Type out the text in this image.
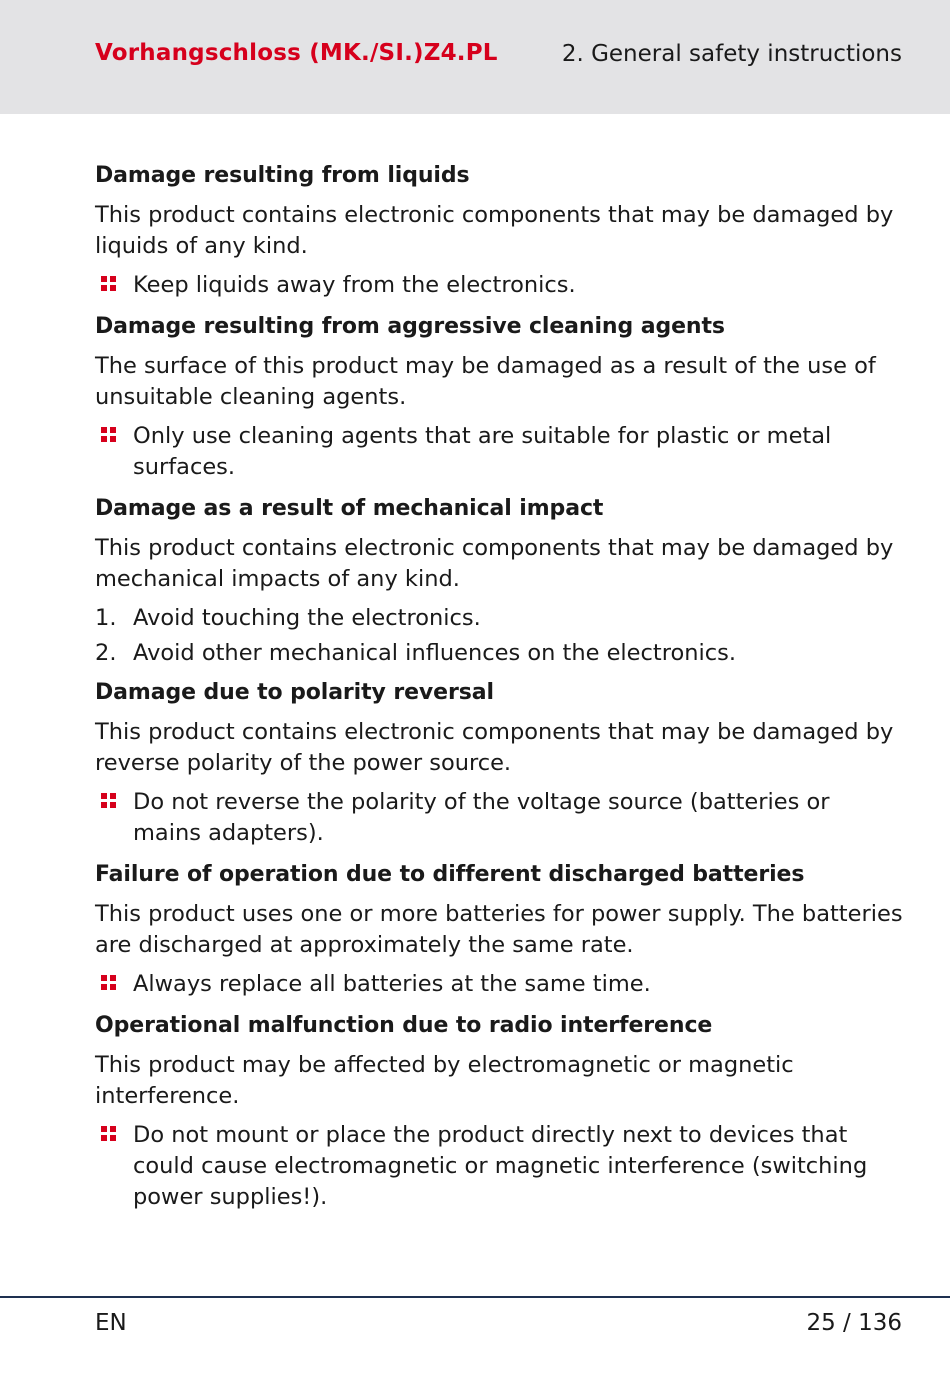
Vorhangschloss (MK./SI.)Z4.PL	2. General safety instructions
Damage resulting from liquids
This product contains electronic components that may be damaged by liquids of any kind.
Keep liquids away from the electronics.
Damage resulting from aggressive cleaning agents
The surface of this product may be damaged as a result of the use of unsuitable cleaning agents.
Only use cleaning agents that are suitable for plastic or metal surfaces.
Damage as a result of mechanical impact
This product contains electronic components that may be damaged by mechanical impacts of any kind.
1. Avoid touching the electronics.
2. Avoid other mechanical influences on the electronics.
Damage due to polarity reversal
This product contains electronic components that may be damaged by reverse polarity of the power source.
Do not reverse the polarity of the voltage source (batteries or mains adapters).
Failure of operation due to different discharged batteries
This product uses one or more batteries for power supply. The batteries are discharged at approximately the same rate.
Always replace all batteries at the same time.
Operational malfunction due to radio interference
This product may be affected by electromagnetic or magnetic interference.
Do not mount or place the product directly next to devices that could cause electromagnetic or magnetic interference (switching power supplies!).
EN	25 / 136
